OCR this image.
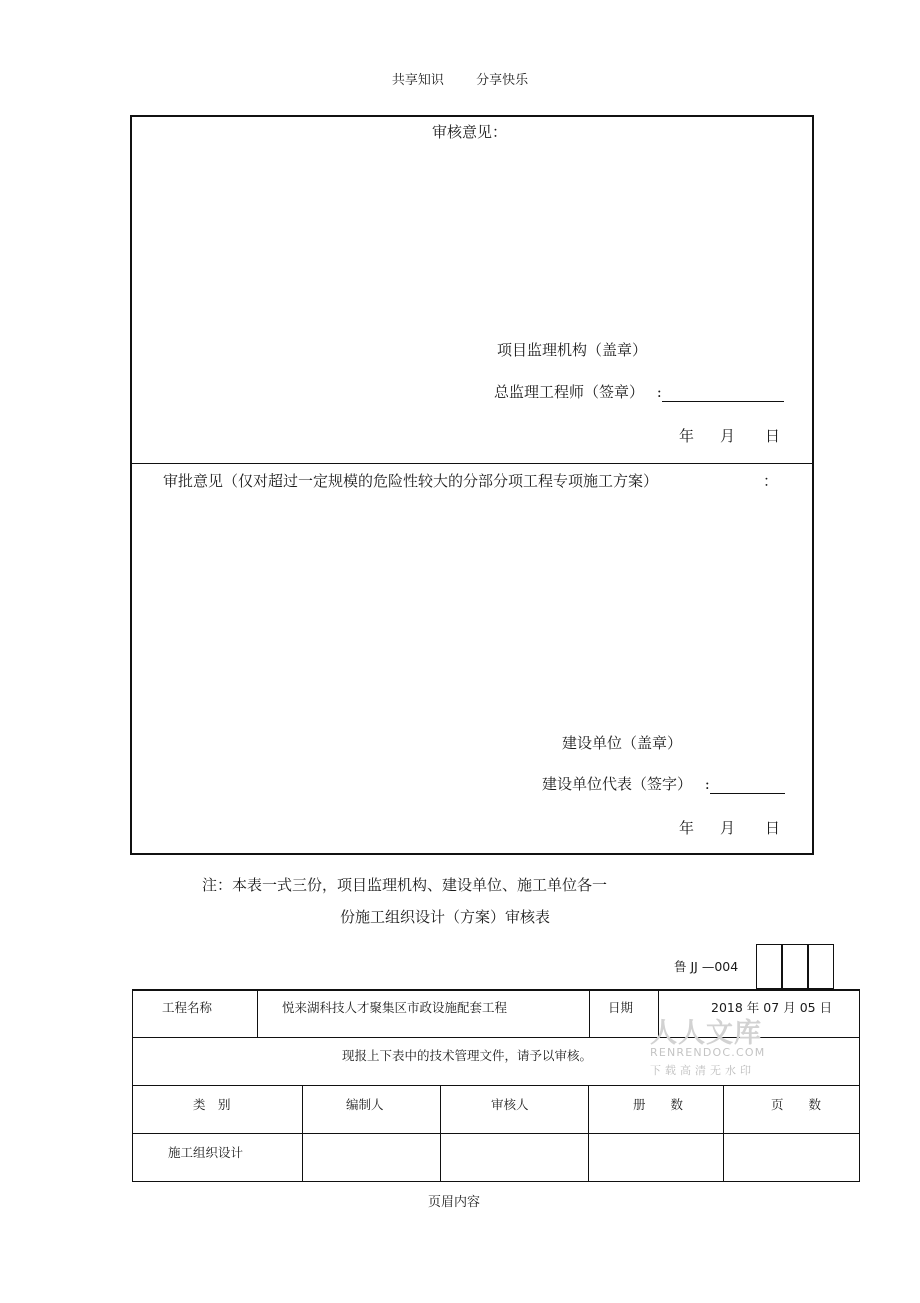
共享知识 分享快乐
审核意见：
项目监理机构（盖章）
总监理工程师（签章） :
年 月 日
审批意见（仅对超过一定规模的危险性较大的分部分项工程专项施工方案）	：
建设单位（盖章）
建设单位代表（签字） :
年 月 日
注：本表一式三份，项目监理机构、建设单位、施工单位各一
份施工组织设计（方案）审核表
鲁 JJ —004
工程名称	悦来湖科技人才聚集区市政设施配套工程	日期	2018 年 07 月 05 日
现报上下表中的技术管理文件，请予以审核。
类　别	编制人	审核人	册　　数	页　　数
施工组织设计
人人文库
RENRENDOC.COM
下载高清无水印
页眉内容
